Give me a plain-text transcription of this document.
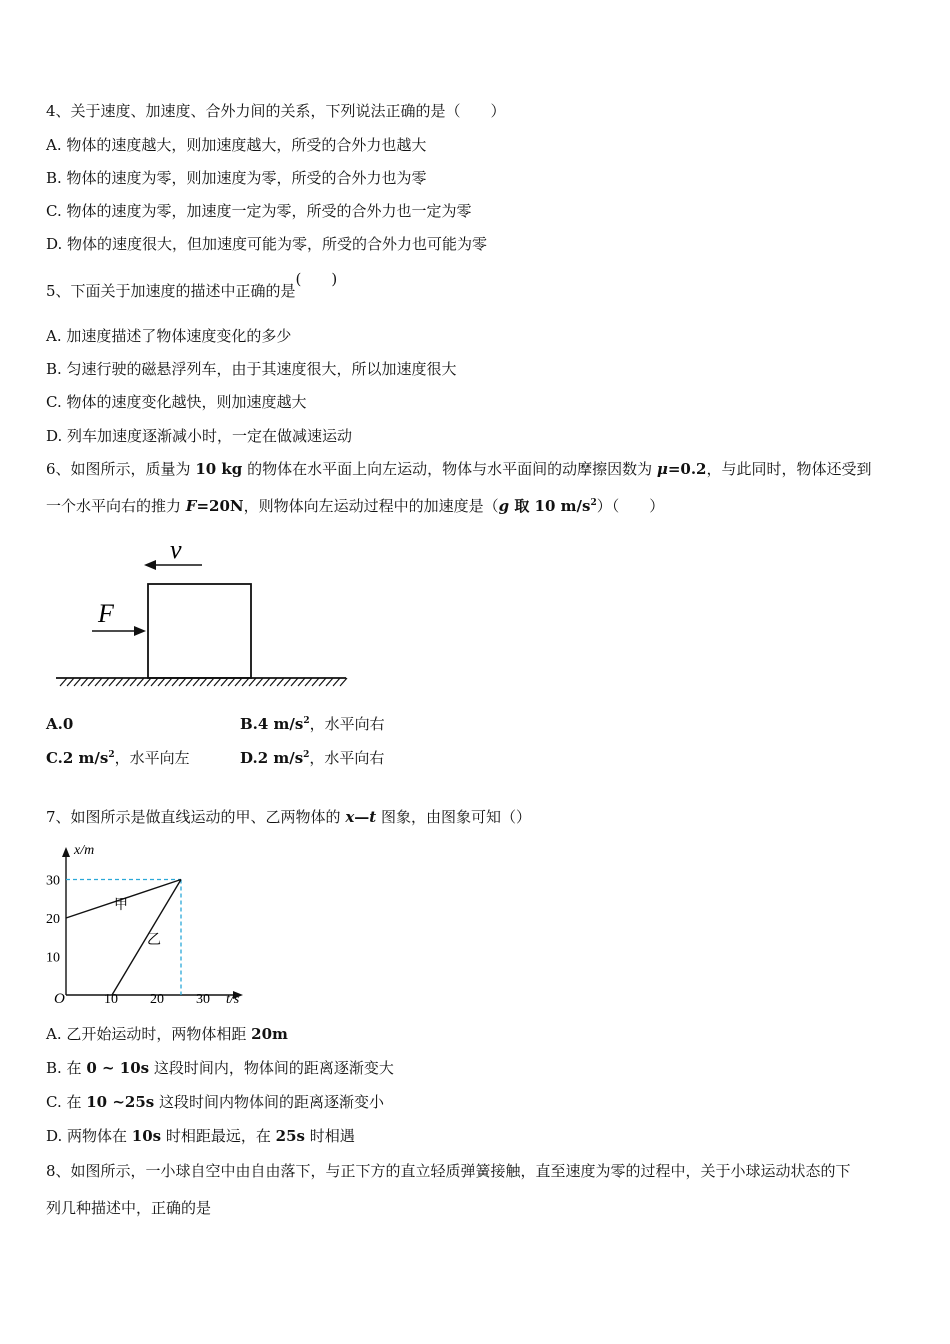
4、关于速度、加速度、合外力间的关系，下列说法正确的是（　　）
A. 物体的速度越大，则加速度越大，所受的合外力也越大
B. 物体的速度为零，则加速度为零，所受的合外力也为零
C. 物体的速度为零，加速度一定为零，所受的合外力也一定为零
D. 物体的速度很大，但加速度可能为零，所受的合外力也可能为零
5、下面关于加速度的描述中正确的是(　　)
A. 加速度描述了物体速度变化的多少
B. 匀速行驶的磁悬浮列车，由于其速度很大，所以加速度很大
C. 物体的速度变化越快，则加速度越大
D. 列车加速度逐渐减小时，一定在做减速运动
6、如图所示，质量为 10 kg 的物体在水平面上向左运动，物体与水平面间的动摩擦因数为 μ=0.2，与此同时，物体还受到
一个水平向右的推力 F=20N，则物体向左运动过程中的加速度是（g 取 10 $m/s^2$）（　　）
v
F
A.0	B.4 $m/s^2$，水平向右
C.2 $m/s^2$，水平向左	D.2 $m/s^2$，水平向右
7、如图所示是做直线运动的甲、乙两物体的 x—t 图象，由图象可知（）
x/m
t/s
O	10 20 30
10
20
30
甲
乙
A. 乙开始运动时，两物体相距 20m
B. 在 0 ~ 10s 这段时间内，物体间的距离逐渐变大
C. 在 10 ~25s 这段时间内物体间的距离逐渐变小
D. 两物体在 10s 时相距最远，在 25s 时相遇
8、如图所示，一小球自空中由自由落下，与正下方的直立轻质弹簧接触，直至速度为零的过程中，关于小球运动状态的下
列几种描述中，正确的是
